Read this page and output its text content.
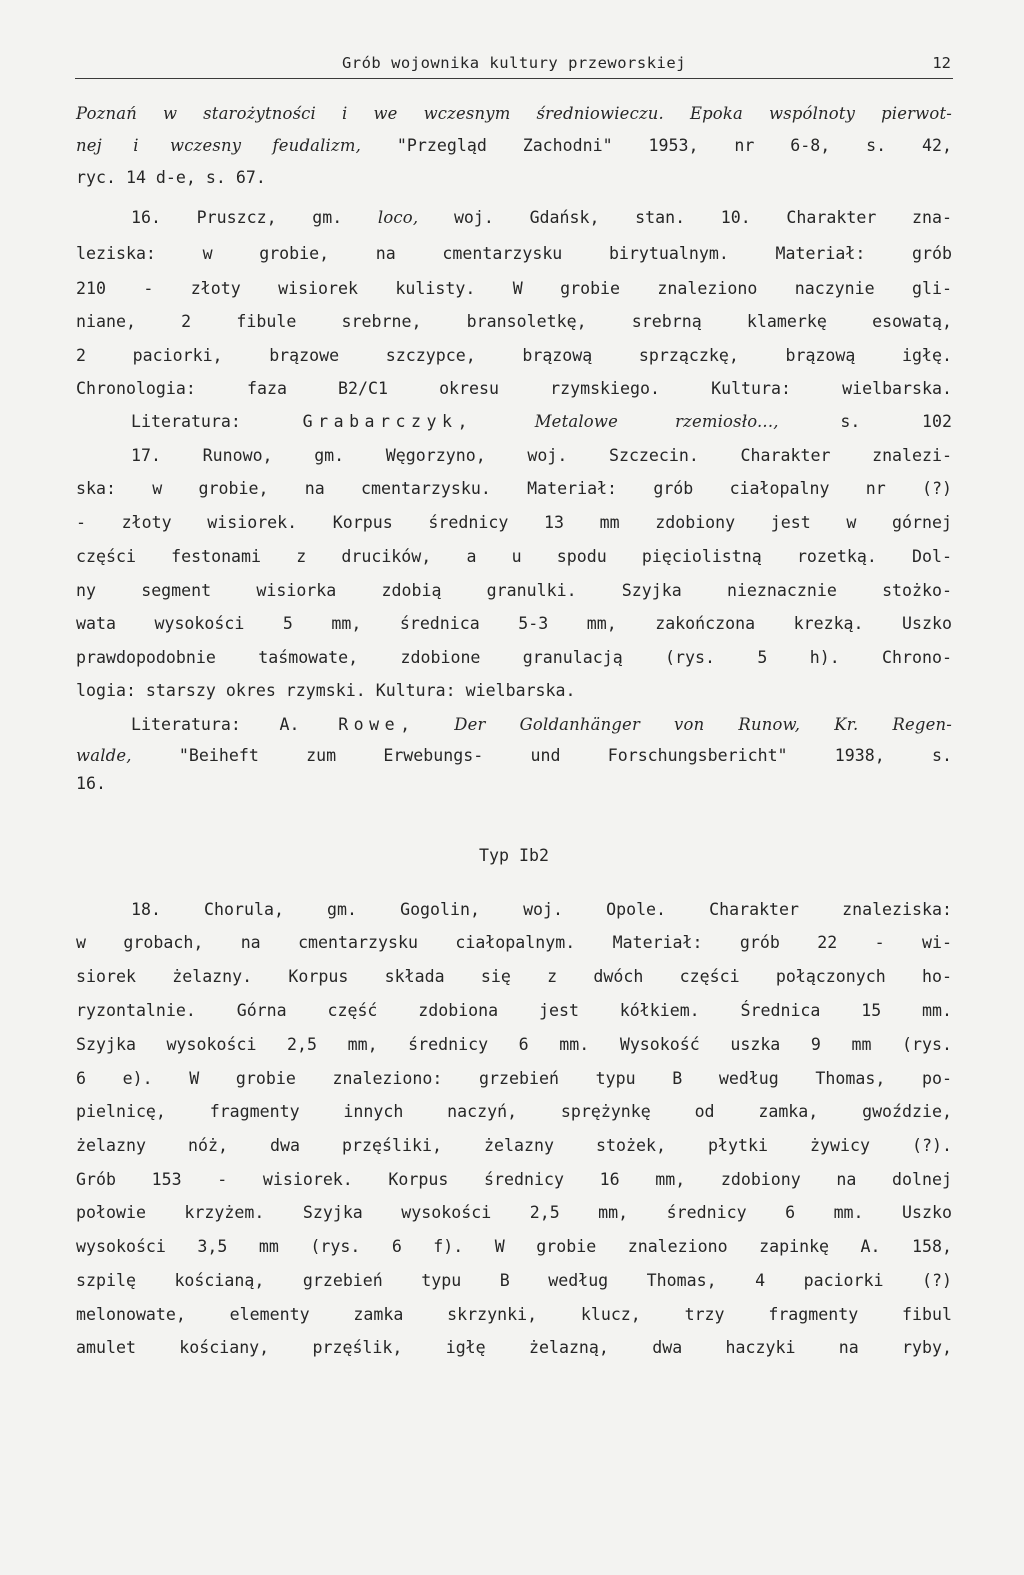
Grób wojownika kultury przeworskiej	12
Poznań w starożytności i we wczesnym średniowieczu. Epoka wspólnoty pierwot-
nej i wczesny feudalizm, "Przegląd Zachodni" 1953, nr 6-8, s. 42,
ryc. 14 d-e, s. 67.
16. Pruszcz, gm. loco, woj. Gdańsk, stan. 10. Charakter zna-
leziska: w grobie, na cmentarzysku birytualnym. Materiał: grób
210 - złoty wisiorek kulisty. W grobie znaleziono naczynie gli-
niane, 2 fibule srebrne, bransoletkę, srebrną klamerkę esowatą,
2 paciorki, brązowe szczypce, brązową sprzączkę, brązową igłę.
Chronologia: faza B2/C1 okresu rzymskiego. Kultura: wielbarska.
Literatura:	Grabarczyk,	Metalowe rzemiosło...,	s. 102
17. Runowo, gm. Węgorzyno, woj. Szczecin. Charakter znalezi-
ska: w grobie, na cmentarzysku. Materiał: grób ciałopalny nr (?)
- złoty wisiorek. Korpus średnicy 13 mm zdobiony jest w górnej
części festonami z drucików, a u spodu pięciolistną rozetką. Dol-
ny segment wisiorka zdobią granulki. Szyjka nieznacznie stożko-
wata wysokości 5 mm, średnica 5-3 mm, zakończona krezką. Uszko
prawdopodobnie taśmowate, zdobione granulacją (rys. 5 h). Chrono-
logia: starszy okres rzymski. Kultura: wielbarska.
Literatura: A. Rowe, Der Goldanhänger von Runow, Kr. Regen-
walde,	"Beiheft zum Erwebungs- und Forschungsbericht" 1938, s.
16.
Typ Ib2
18. Chorula, gm. Gogolin, woj. Opole. Charakter znaleziska:
w grobach, na cmentarzysku ciałopalnym. Materiał: grób 22 - wi-
siorek żelazny. Korpus składa się z dwóch części połączonych ho-
ryzontalnie. Górna część zdobiona jest kółkiem. Średnica 15 mm.
Szyjka wysokości 2,5 mm, średnicy 6 mm. Wysokość uszka 9 mm (rys.
6 e). W grobie znaleziono: grzebień typu B według Thomas, po-
pielnicę, fragmenty innych naczyń, sprężynkę od zamka, gwoździe,
żelazny nóż, dwa przęśliki, żelazny stożek, płytki żywicy (?).
Grób 153 - wisiorek. Korpus średnicy 16 mm, zdobiony na dolnej
połowie krzyżem. Szyjka wysokości 2,5 mm, średnicy 6 mm. Uszko
wysokości 3,5 mm (rys. 6 f). W grobie znaleziono zapinkę A. 158,
szpilę kościaną, grzebień typu B według Thomas, 4 paciorki (?)
melonowate, elementy zamka skrzynki, klucz, trzy fragmenty fibul
amulet kościany, przęślik, igłę żelazną, dwa haczyki na ryby,
